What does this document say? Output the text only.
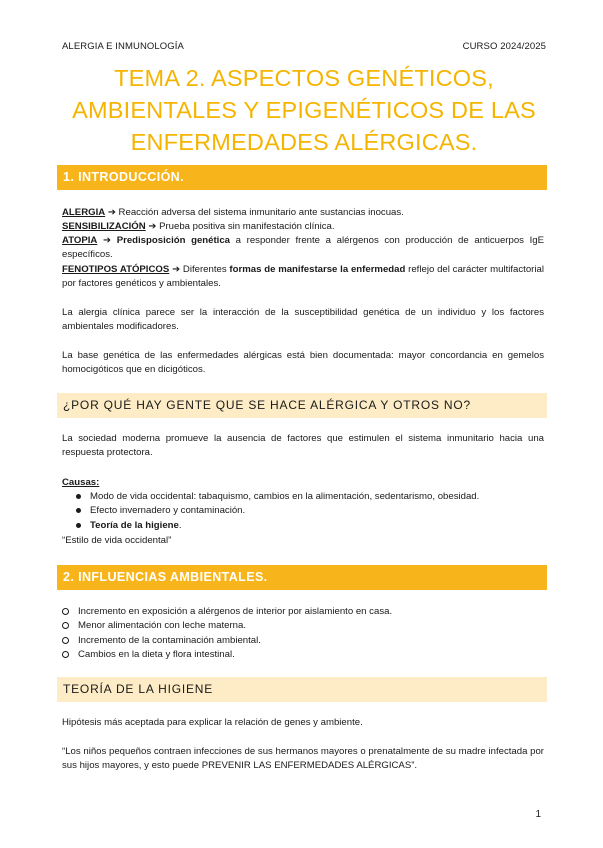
ALERGIA E INMUNOLOGÍA	CURSO 2024/2025
TEMA 2. ASPECTOS GENÉTICOS,
AMBIENTALES Y EPIGENÉTICOS DE LAS
ENFERMEDADES ALÉRGICAS.
1. INTRODUCCIÓN.
ALERGIA ➔ Reacción adversa del sistema inmunitario ante sustancias inocuas.
SENSIBILIZACIÓN ➔ Prueba positiva sin manifestación clínica.
ATOPIA ➔ Predisposición genética a responder frente a alérgenos con producción de anticuerpos IgE específicos.
FENOTIPOS ATÓPICOS ➔ Diferentes formas de manifestarse la enfermedad reflejo del carácter multifactorial por factores genéticos y ambientales.
La alergia clínica parece ser la interacción de la susceptibilidad genética de un individuo y los factores ambientales modificadores.
La base genética de las enfermedades alérgicas está bien documentada: mayor concordancia en gemelos homocigóticos que en dicigóticos.
¿POR QUÉ HAY GENTE QUE SE HACE ALÉRGICA Y OTROS NO?
La sociedad moderna promueve la ausencia de factores que estimulen el sistema inmunitario hacia una respuesta protectora.
Causas:
Modo de vida occidental: tabaquismo, cambios en la alimentación, sedentarismo, obesidad.
Efecto invernadero y contaminación.
Teoría de la higiene.
“Estilo de vida occidental”
2. INFLUENCIAS AMBIENTALES.
Incremento en exposición a alérgenos de interior por aislamiento en casa.
Menor alimentación con leche materna.
Incremento de la contaminación ambiental.
Cambios en la dieta y flora intestinal.
TEORÍA DE LA HIGIENE
Hipótesis más aceptada para explicar la relación de genes y ambiente.
“Los niños pequeños contraen infecciones de sus hermanos mayores o prenatalmente de su madre infectada por sus hijos mayores, y esto puede PREVENIR LAS ENFERMEDADES ALÉRGICAS”.
1
